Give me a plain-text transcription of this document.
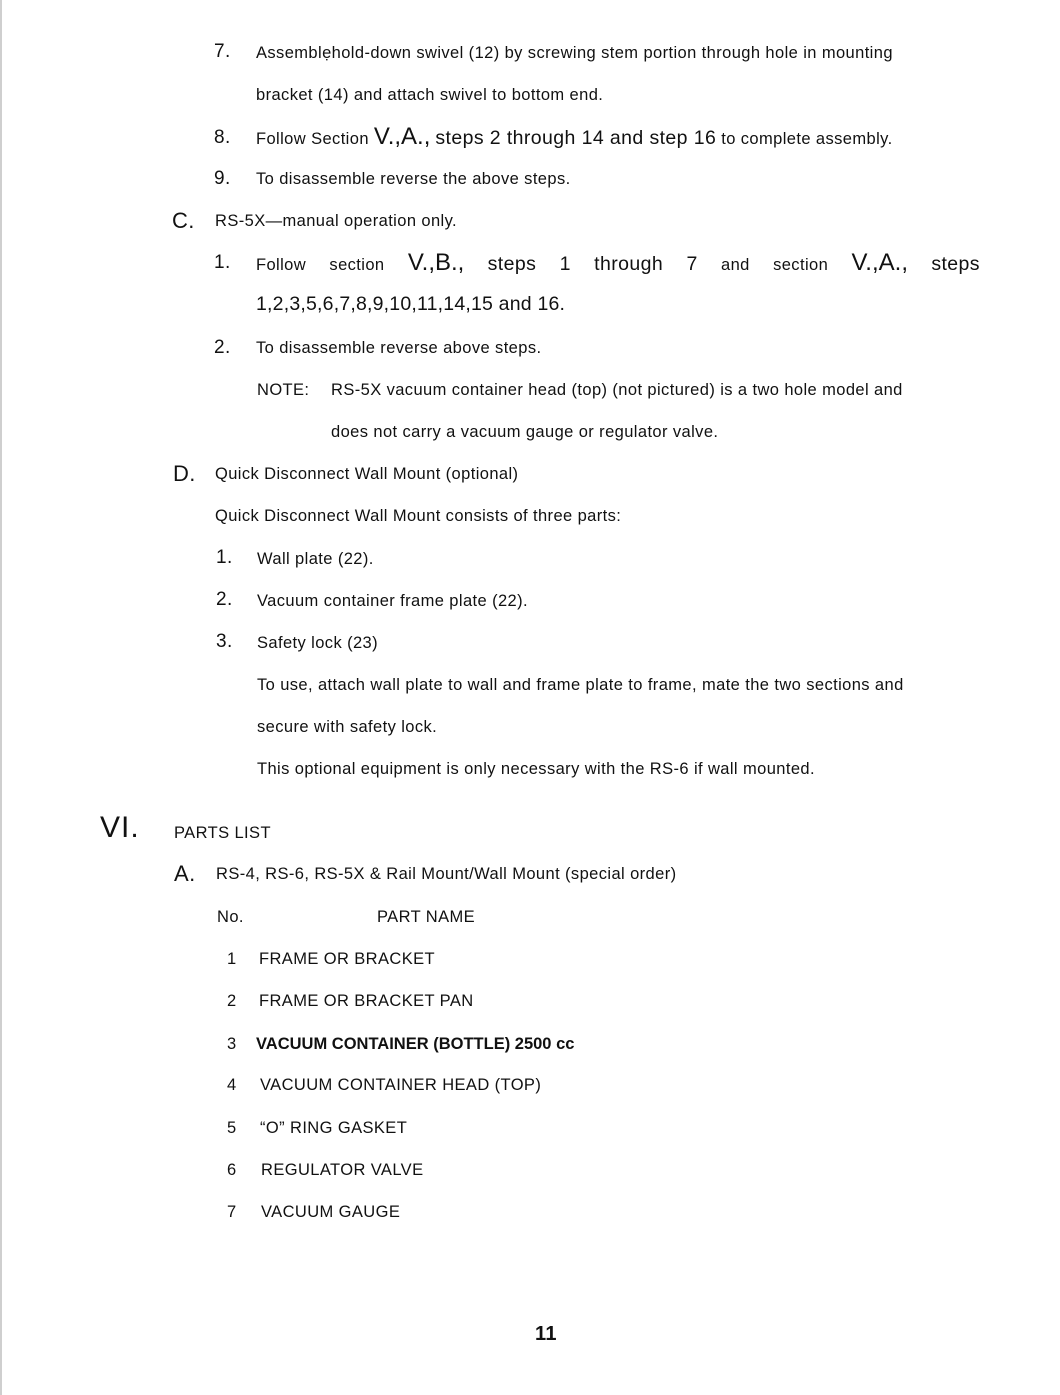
7. Assemblẹhold-down swivel (12) by screwing stem portion through hole in mounting
bracket (14) and attach swivel to bottom end.
8. Follow Section V.,A., steps 2 through 14 and step 16 to complete assembly.
9. To disassemble reverse the above steps.
C. RS-5X—manual operation only.
1. Follow section V.,B., steps 1 through 7 and section V.,A., steps
1,2,3,5,6,7,8,9,10,11,14,15 and 16.
2. To disassemble reverse above steps.
NOTE: RS-5X vacuum container head (top) (not pictured) is a two hole model and
does not carry a vacuum gauge or regulator valve.
D. Quick Disconnect Wall Mount (optional)
Quick Disconnect Wall Mount consists of three parts:
1. Wall plate (22).
2. Vacuum container frame plate (22).
3. Safety lock (23)
To use, attach wall plate to wall and frame plate to frame, mate the two sections and
secure with safety lock.
This optional equipment is only necessary with the RS-6 if wall mounted.
VI. PARTS LIST
A. RS-4, RS-6, RS-5X & Rail Mount/Wall Mount (special order)
No.	PART NAME
1 FRAME OR BRACKET
2 FRAME OR BRACKET PAN
3 VACUUM CONTAINER (BOTTLE) 2500 cc
4 VACUUM CONTAINER HEAD (TOP)
5 “O” RING GASKET
6 REGULATOR VALVE
7 VACUUM GAUGE
11
